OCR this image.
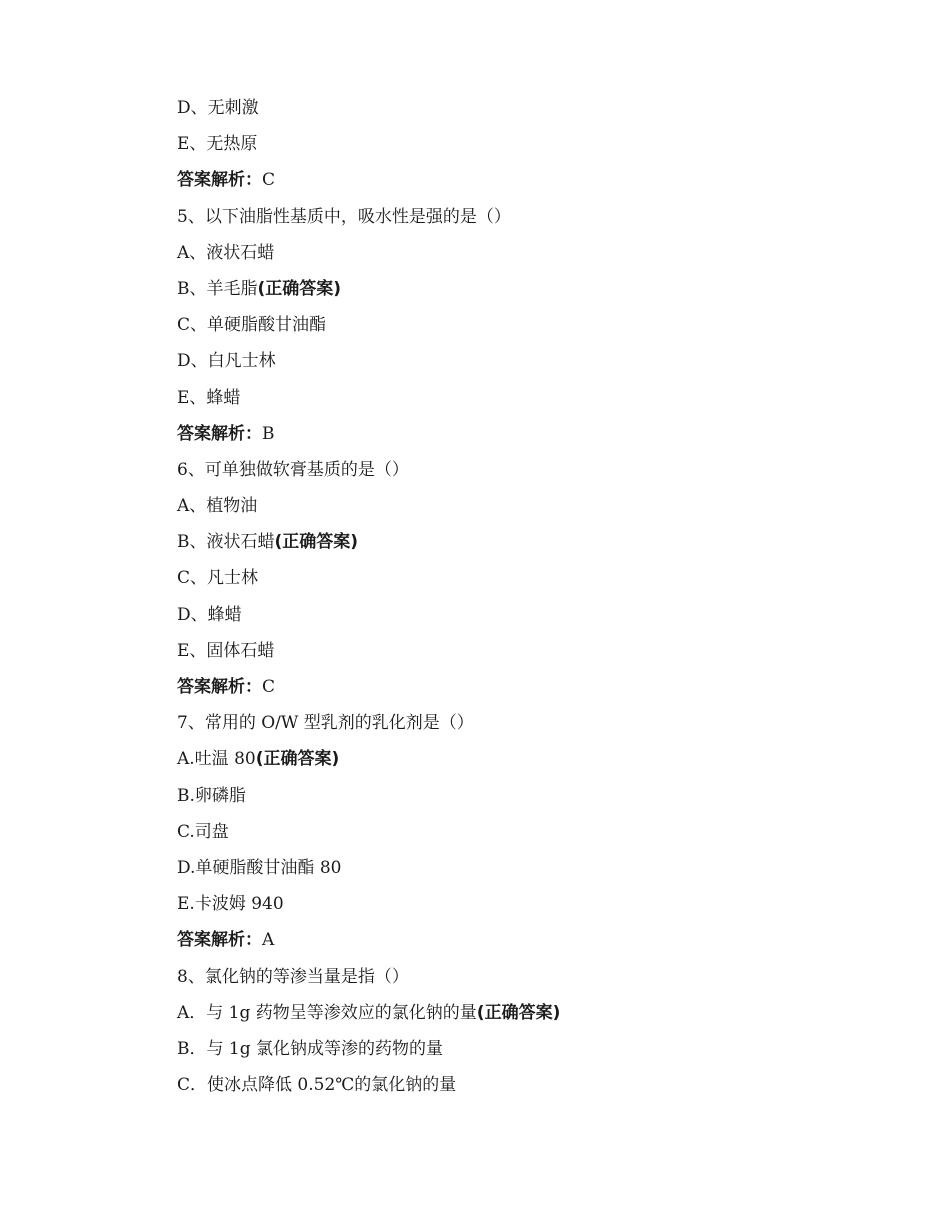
D、无刺激
E、无热原
答案解析：C
5、以下油脂性基质中，吸水性是强的是（）
A、液状石蜡
B、羊毛脂(正确答案)
C、单硬脂酸甘油酯
D、白凡士林
E、蜂蜡
答案解析：B
6、可单独做软膏基质的是（）
A、植物油
B、液状石蜡(正确答案)
C、凡士林
D、蜂蜡
E、固体石蜡
答案解析：C
7、常用的 O/W 型乳剂的乳化剂是（）
A.吐温 80(正确答案)
B.卵磷脂
C.司盘
D.单硬脂酸甘油酯 80
E.卡波姆 940
答案解析：A
8、氯化钠的等渗当量是指（）
A．与 1g 药物呈等渗效应的氯化钠的量(正确答案)
B．与 1g 氯化钠成等渗的药物的量
C．使冰点降低 0.52℃的氯化钠的量
